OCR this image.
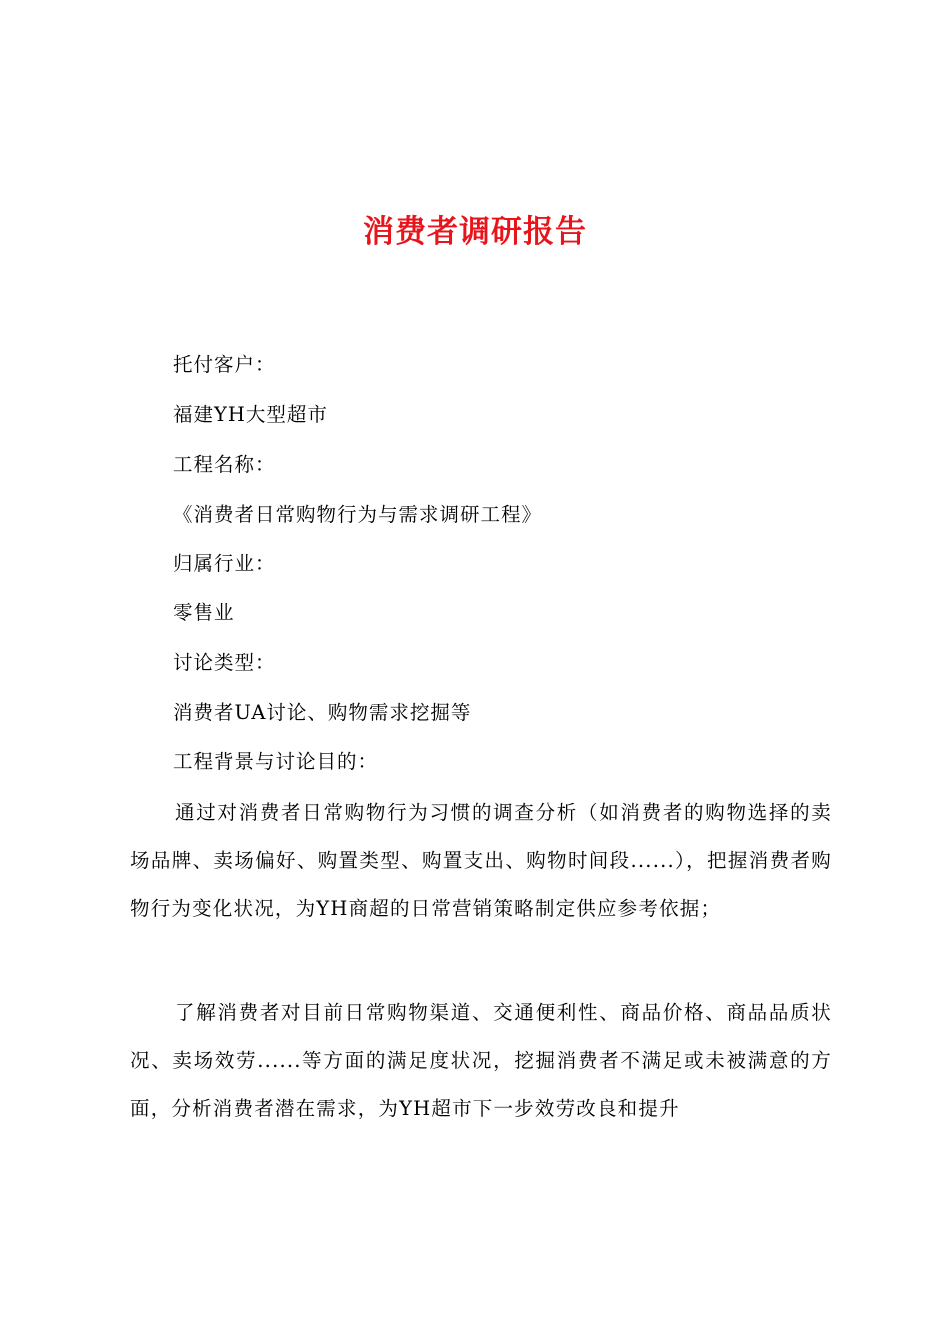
消费者调研报告
托付客户：
福建YH大型超市
工程名称：
《消费者日常购物行为与需求调研工程》
归属行业：
零售业
讨论类型：
消费者UA讨论、购物需求挖掘等
工程背景与讨论目的：
通过对消费者日常购物行为习惯的调查分析（如消费者的购物选择的卖场品牌、卖场偏好、购置类型、购置支出、购物时间段......），把握消费者购物行为变化状况，为YH商超的日常营销策略制定供应参考依据；
了解消费者对目前日常购物渠道、交通便利性、商品价格、商品品质状况、卖场效劳......等方面的满足度状况，挖掘消费者不满足或未被满意的方面，分析消费者潜在需求，为YH超市下一步效劳改良和提升
